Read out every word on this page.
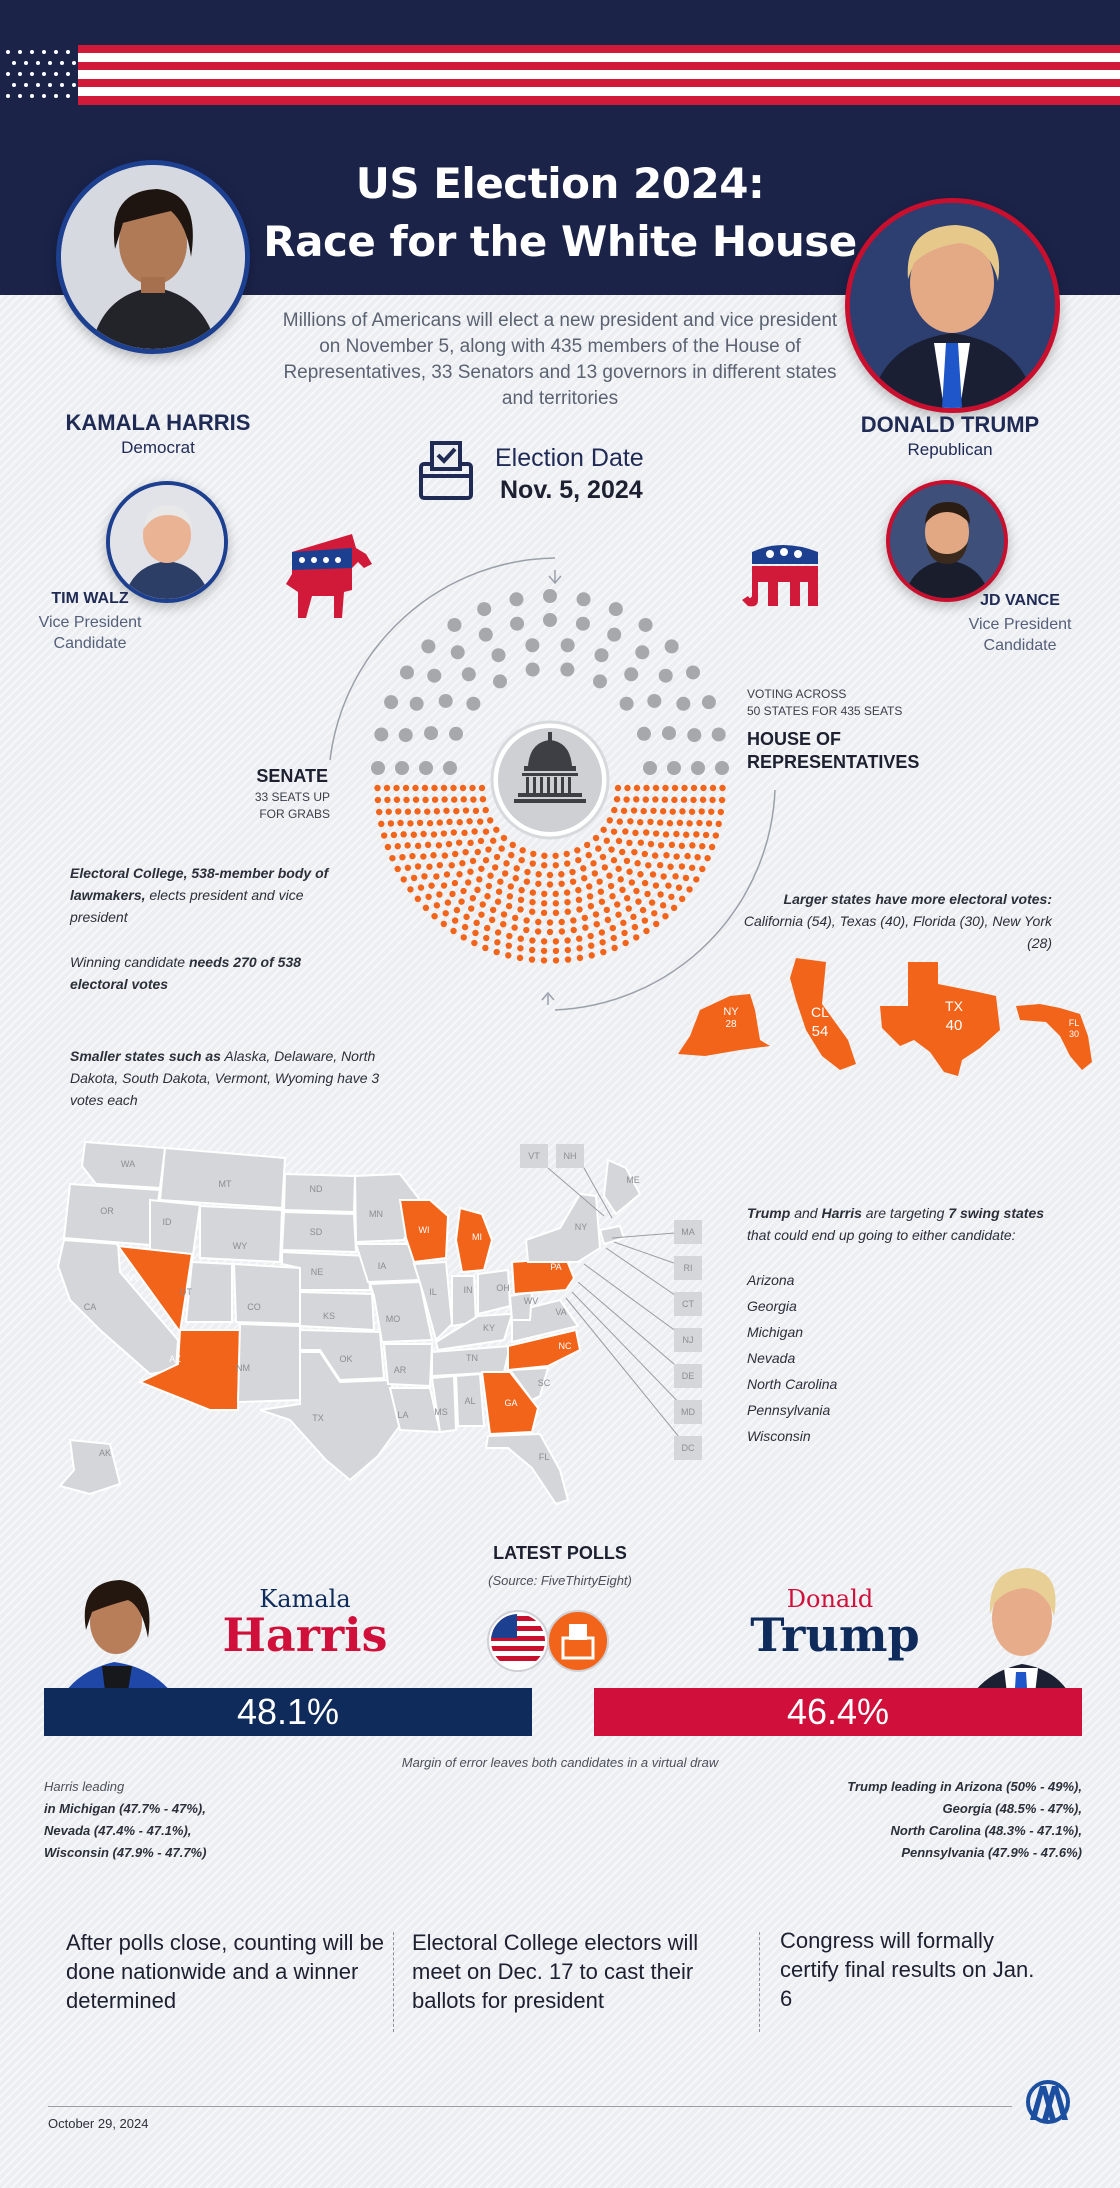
US Election 2024:
Race for the White House
Millions of Americans will elect a new president and vice president on November 5, along with 435 members of the House of Representatives, 33 Senators and 13 governors in different states and territories
KAMALA HARRIS
Democrat
DONALD TRUMP
Republican
Election Date
Nov. 5, 2024
TIM WALZ
Vice President
Candidate
JD VANCE
Vice President
Candidate
SENATE
33 SEATS UP
FOR GRABS
VOTING ACROSS
50 STATES FOR 435 SEATS
HOUSE OF
REPRESENTATIVES
Electoral College, 538-member body of lawmakers, elects president and vice president
Winning candidate needs 270 of 538 electoral votes
Smaller states such as Alaska, Delaware, North Dakota, South Dakota, Vermont, Wyoming have 3 votes each
Larger states have more electoral votes:
California (54), Texas (40), Florida (30), New York (28)
NY
28
CL
54
TX
40	FL
30
VT	NH
MA
RI
CT
NJ
DE
MD
DC
WA
OR
CA
MT
ID
NV
UT
AZ
WY
CO
NM
ND
SD
NE
KS
OK
TX
MN
IA
MO
AR
LA
WI
IL
MI
IN	OH
KY
TN
MS
AL	GA
FL
SC
NC
VA
WV
PA
NY
ME
AK
Trump and Harris are targeting 7 swing states that could end up going to either candidate:
Arizona
Georgia
Michigan
Nevada
North Carolina
Pennsylvania
Wisconsin
LATEST POLLS
(Source: FiveThirtyEight)
Kamala
Harris
Donald
Trump
48.1%	46.4%
Margin of error leaves both candidates in a virtual draw
Harris leading
in Michigan (47.7% - 47%),
Nevada (47.4% - 47.1%),
Wisconsin (47.9% - 47.7%)
Trump leading in Arizona (50% - 49%),
Georgia (48.5% - 47%),
North Carolina (48.3% - 47.1%),
Pennsylvania (47.9% - 47.6%)
After polls close, counting will be done nationwide and a winner determined
Electoral College electors will meet on Dec. 17 to cast their ballots for president
Congress will formally certify final results on Jan. 6
October 29, 2024
